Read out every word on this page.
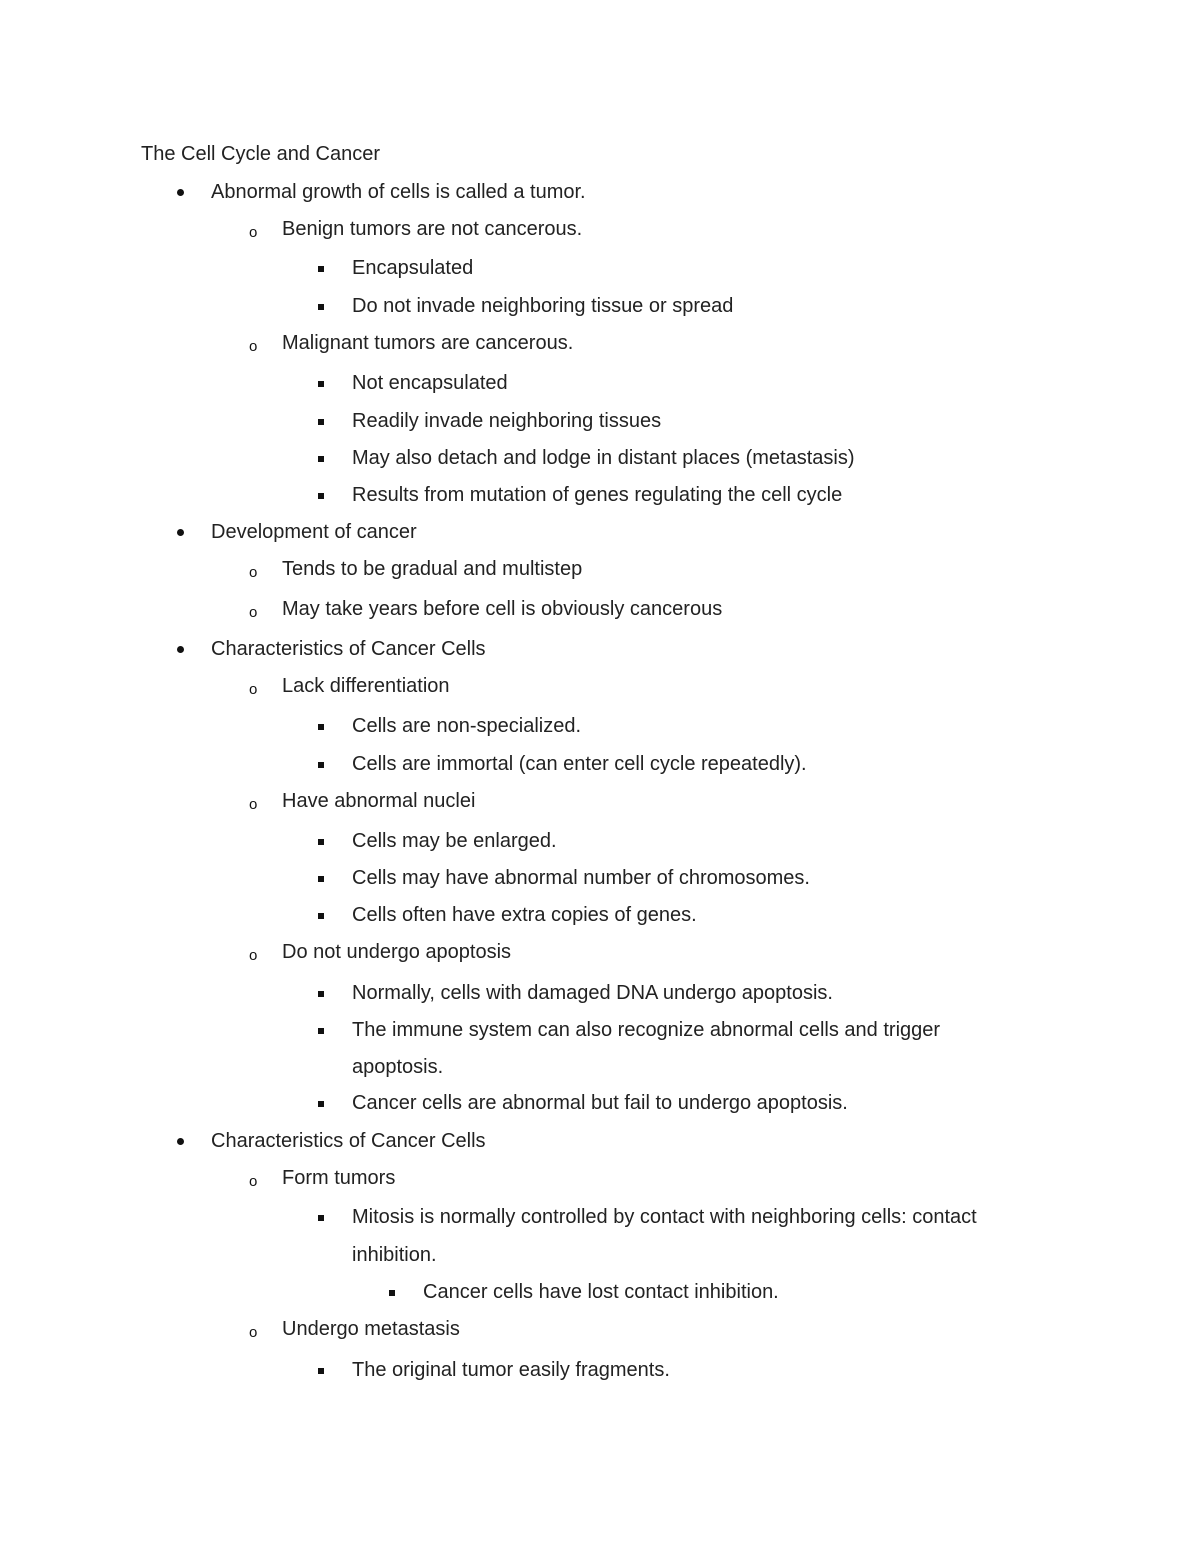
The Cell Cycle and Cancer
Abnormal growth of cells is called a tumor.
o Benign tumors are not cancerous.
Encapsulated
Do not invade neighboring tissue or spread
o Malignant tumors are cancerous.
Not encapsulated
Readily invade neighboring tissues
May also detach and lodge in distant places (metastasis)
Results from mutation of genes regulating the cell cycle
Development of cancer
o Tends to be gradual and multistep
o May take years before cell is obviously cancerous
Characteristics of Cancer Cells
o Lack differentiation
Cells are non-specialized.
Cells are immortal (can enter cell cycle repeatedly).
o Have abnormal nuclei
Cells may be enlarged.
Cells may have abnormal number of chromosomes.
Cells often have extra copies of genes.
o Do not undergo apoptosis
Normally, cells with damaged DNA undergo apoptosis.
The immune system can also recognize abnormal cells and trigger
apoptosis.
Cancer cells are abnormal but fail to undergo apoptosis.
Characteristics of Cancer Cells
o Form tumors
Mitosis is normally controlled by contact with neighboring cells: contact
inhibition.
Cancer cells have lost contact inhibition.
o Undergo metastasis
The original tumor easily fragments.
